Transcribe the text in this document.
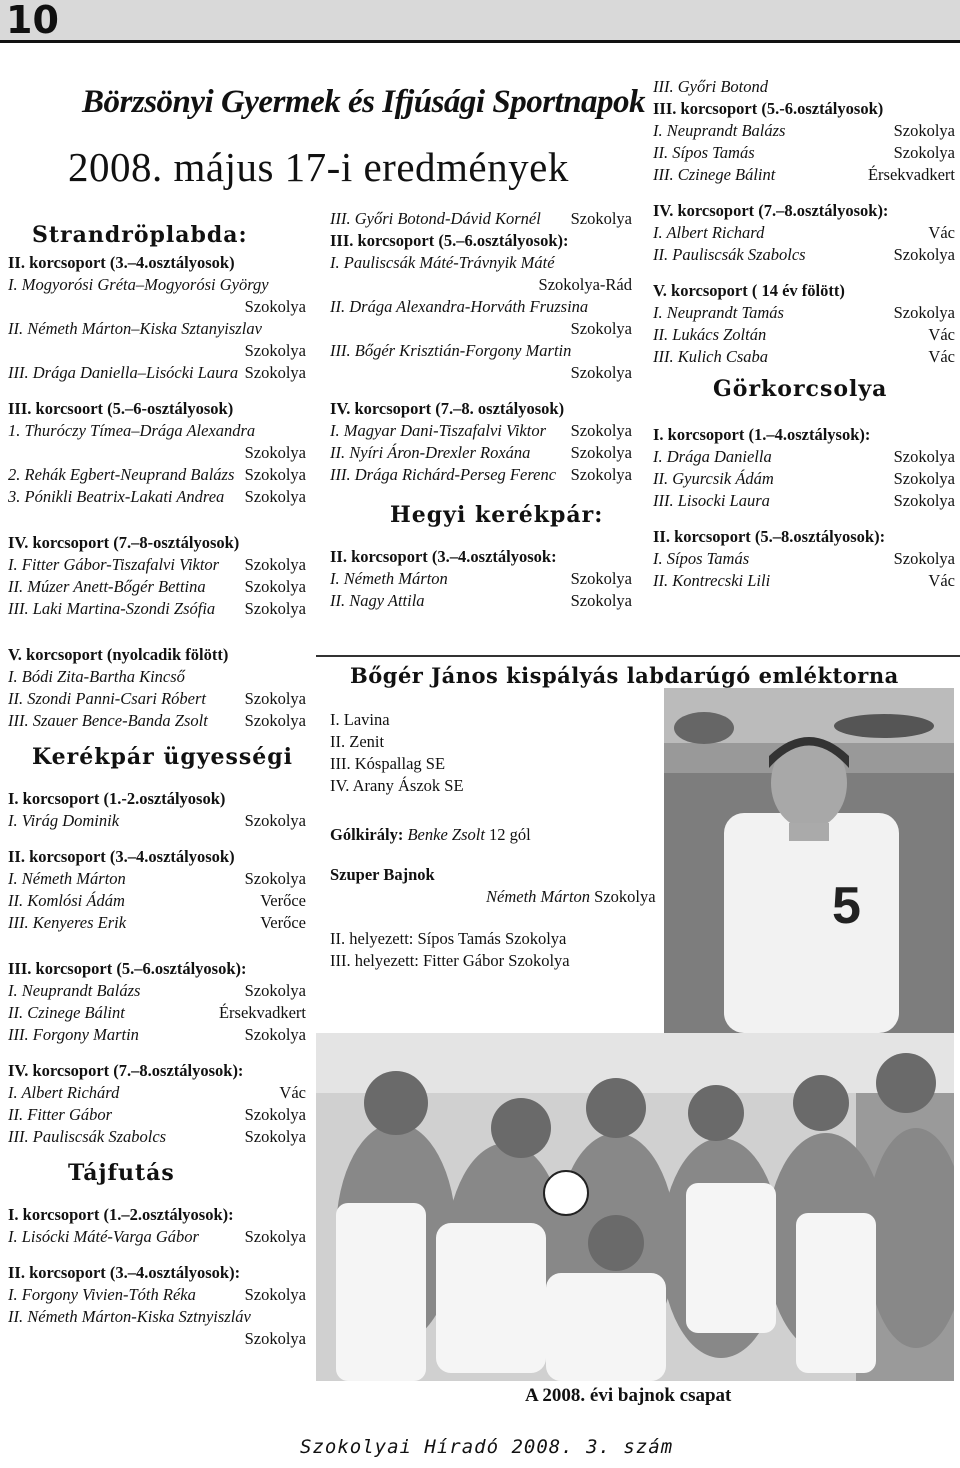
10
Börzsönyi Gyermek és Ifjúsági Sportnapok
2008. május 17-i eredmények
Strandröplabda:
II. korcsoport (3.–4.osztályosok)
I. Mogyorósi Gréta–Mogyorósi György
Szokolya
II. Németh Márton–Kiska Sztanyiszlav
Szokolya
III. Drága Daniella–Lisócki Laura Szokolya
III. korcsoort (5.–6-osztályosok)
1. Thuróczy Tímea–Drága Alexandra
Szokolya
2. Rehák Egbert-Neuprand Balázs Szokolya
3. Pónikli Beatrix-Lakati Andrea Szokolya
IV. korcsoport (7.–8-osztályosok)
I. Fitter Gábor-Tiszafalvi Viktor Szokolya
II. Múzer Anett-Bőgér Bettina Szokolya
III. Laki Martina-Szondi Zsófia Szokolya
V. korcsoport (nyolcadik fölött)
I. Bódi Zita-Bartha Kincső
II. Szondi Panni-Csari Róbert Szokolya
III. Szauer Bence-Banda Zsolt Szokolya
Kerékpár ügyességi
I. korcsoport (1.-2.osztályosok)
I. Virág Dominik	Szokolya
II. korcsoport (3.–4.osztályosok)
I. Németh Márton	Szokolya
II. Komlósi Ádám	Verőce
III. Kenyeres Erik	Verőce
III. korcsoport (5.–6.osztályosok):
I. Neuprandt Balázs	Szokolya
II. Czinege Bálint	Érsekvadkert
III. Forgony Martin	Szokolya
IV. korcsoport (7.–8.osztályosok):
I. Albert Richárd	Vác
II. Fitter Gábor	Szokolya
III. Pauliscsák Szabolcs	Szokolya
Tájfutás
I. korcsoport (1.–2.osztályosok):
I. Lisócki Máté-Varga Gábor	Szokolya
II. korcsoport (3.–4.osztályosok):
I. Forgony Vivien-Tóth Réka	Szokolya
II. Németh Márton-Kiska Sztnyiszláv
Szokolya
III. Győri Botond-Dávid Kornél Szokolya
III. korcsoport (5.–6.osztályosok):
I. Pauliscsák Máté-Trávnyik Máté
Szokolya-Rád
II. Drága Alexandra-Horváth Fruzsina
Szokolya
III. Bőgér Krisztián-Forgony Martin
Szokolya
IV. korcsoport (7.–8. osztályosok)
I. Magyar Dani-Tiszafalvi Viktor Szokolya
II. Nyíri Áron-Drexler Roxána Szokolya
III. Drága Richárd-Perseg Ferenc Szokolya
Hegyi kerékpár:
II. korcsoport (3.–4.osztályosok:
I. Németh Márton	Szokolya
II. Nagy Attila	Szokolya
III. Győri Botond
III. korcsoport (5.-6.osztályosok)
I. Neuprandt Balázs	Szokolya
II. Sípos Tamás	Szokolya
III. Czinege Bálint	Érsekvadkert
IV. korcsoport (7.–8.osztályosok):
I. Albert Richard	Vác
II. Pauliscsák Szabolcs	Szokolya
V. korcsoport ( 14 év fölött)
I. Neuprandt Tamás	Szokolya
II. Lukács Zoltán	Vác
III. Kulich Csaba	Vác
Görkorcsolya
I. korcsoport (1.–4.osztálysok):
I. Drága Daniella	Szokolya
II. Gyurcsik Ádám	Szokolya
III. Lisocki Laura	Szokolya
II. korcsoport (5.–8.osztályosok):
I. Sípos Tamás	Szokolya
II. Kontrecski Lili	Vác
Bőgér János kispályás labdarúgó emléktorna
I. Lavina
II. Zenit
III. Kóspallag SE
IV. Arany Ászok SE
Gólkirály: Benke Zsolt 12 gól
Szuper Bajnok
Németh Márton Szokolya
II. helyezett: Sípos Tamás Szokolya
III. helyezett: Fitter Gábor Szokolya
5
A 2008. évi bajnok csapat
Szokolyai Híradó 2008. 3. szám
